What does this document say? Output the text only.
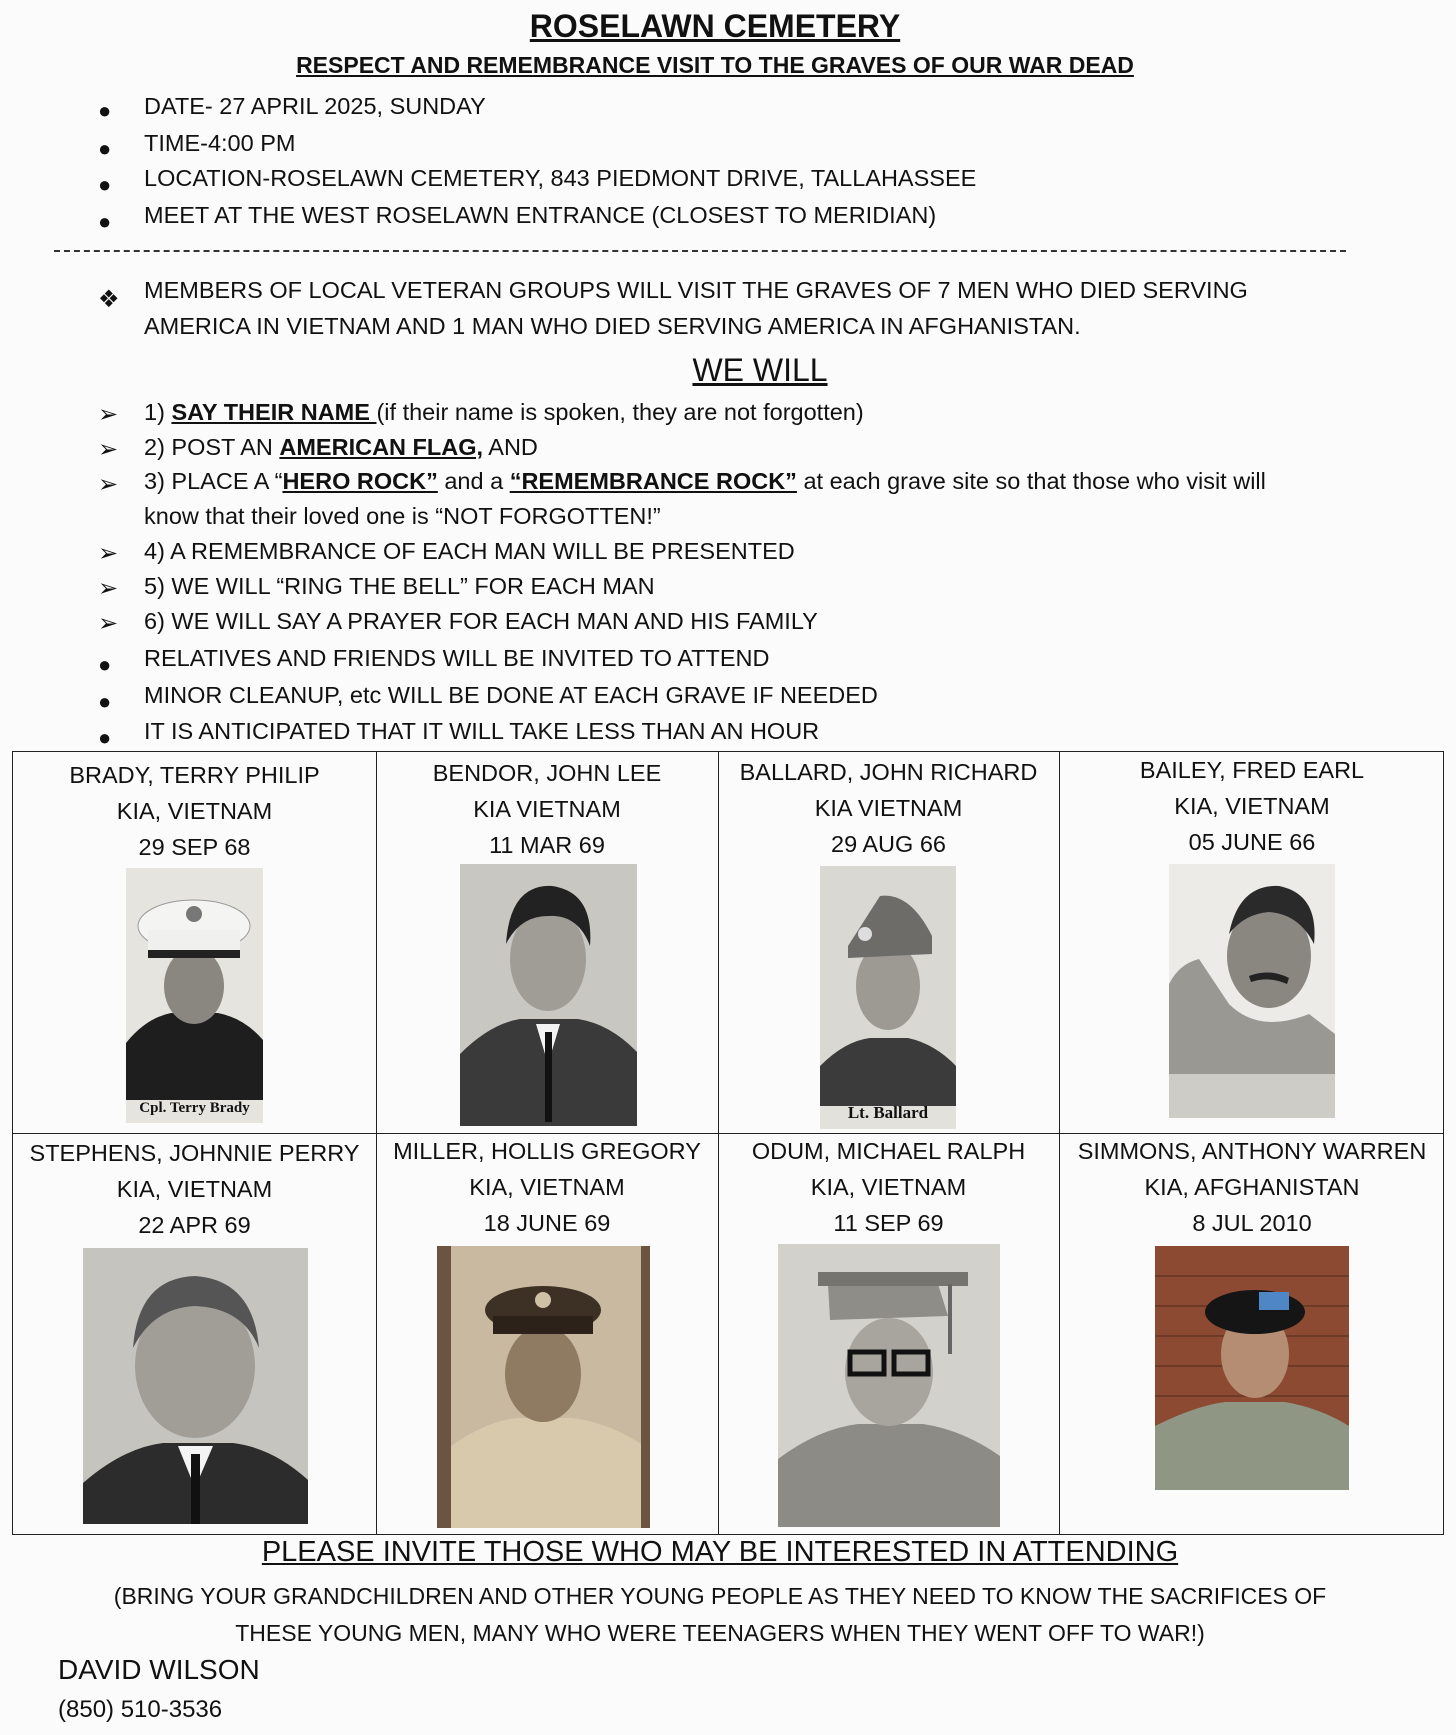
ROSELAWN CEMETERY
RESPECT AND REMEMBRANCE VISIT TO THE GRAVES OF OUR WAR DEAD
● DATE- 27 APRIL 2025, SUNDAY
● TIME-4:00 PM
● LOCATION-ROSELAWN CEMETERY, 843 PIEDMONT DRIVE, TALLAHASSEE
● MEET AT THE WEST ROSELAWN ENTRANCE (CLOSEST TO MERIDIAN)
❖ MEMBERS OF LOCAL VETERAN GROUPS WILL VISIT THE GRAVES OF 7 MEN WHO DIED SERVING
AMERICA IN VIETNAM AND 1 MAN WHO DIED SERVING AMERICA IN AFGHANISTAN.
WE WILL
➢ 1) SAY THEIR NAME (if their name is spoken, they are not forgotten)
➢ 2) POST AN AMERICAN FLAG, AND
➢ 3) PLACE A “HERO ROCK” and a “REMEMBRANCE ROCK” at each grave site so that those who visit will
know that their loved one is “NOT FORGOTTEN!”
➢ 4) A REMEMBRANCE OF EACH MAN WILL BE PRESENTED
➢ 5) WE WILL “RING THE BELL” FOR EACH MAN
➢ 6) WE WILL SAY A PRAYER FOR EACH MAN AND HIS FAMILY
● RELATIVES AND FRIENDS WILL BE INVITED TO ATTEND
● MINOR CLEANUP, etc WILL BE DONE AT EACH GRAVE IF NEEDED
● IT IS ANTICIPATED THAT IT WILL TAKE LESS THAN AN HOUR
BRADY, TERRY PHILIP
KIA, VIETNAM
29 SEP 68
Cpl. Terry Brady
BENDOR, JOHN LEE
KIA VIETNAM
11 MAR 69
BALLARD, JOHN RICHARD
KIA VIETNAM
29 AUG 66
Lt. Ballard
BAILEY, FRED EARL
KIA, VIETNAM
05 JUNE 66
STEPHENS, JOHNNIE PERRY
KIA, VIETNAM
22 APR 69
MILLER, HOLLIS GREGORY
KIA, VIETNAM
18 JUNE 69
ODUM, MICHAEL RALPH
KIA, VIETNAM
11 SEP 69
SIMMONS, ANTHONY WARREN
KIA, AFGHANISTAN
8 JUL 2010
PLEASE INVITE THOSE WHO MAY BE INTERESTED IN ATTENDING
(BRING YOUR GRANDCHILDREN AND OTHER YOUNG PEOPLE AS THEY NEED TO KNOW THE SACRIFICES OF
THESE YOUNG MEN, MANY WHO WERE TEENAGERS WHEN THEY WENT OFF TO WAR!)
DAVID WILSON
(850) 510-3536
